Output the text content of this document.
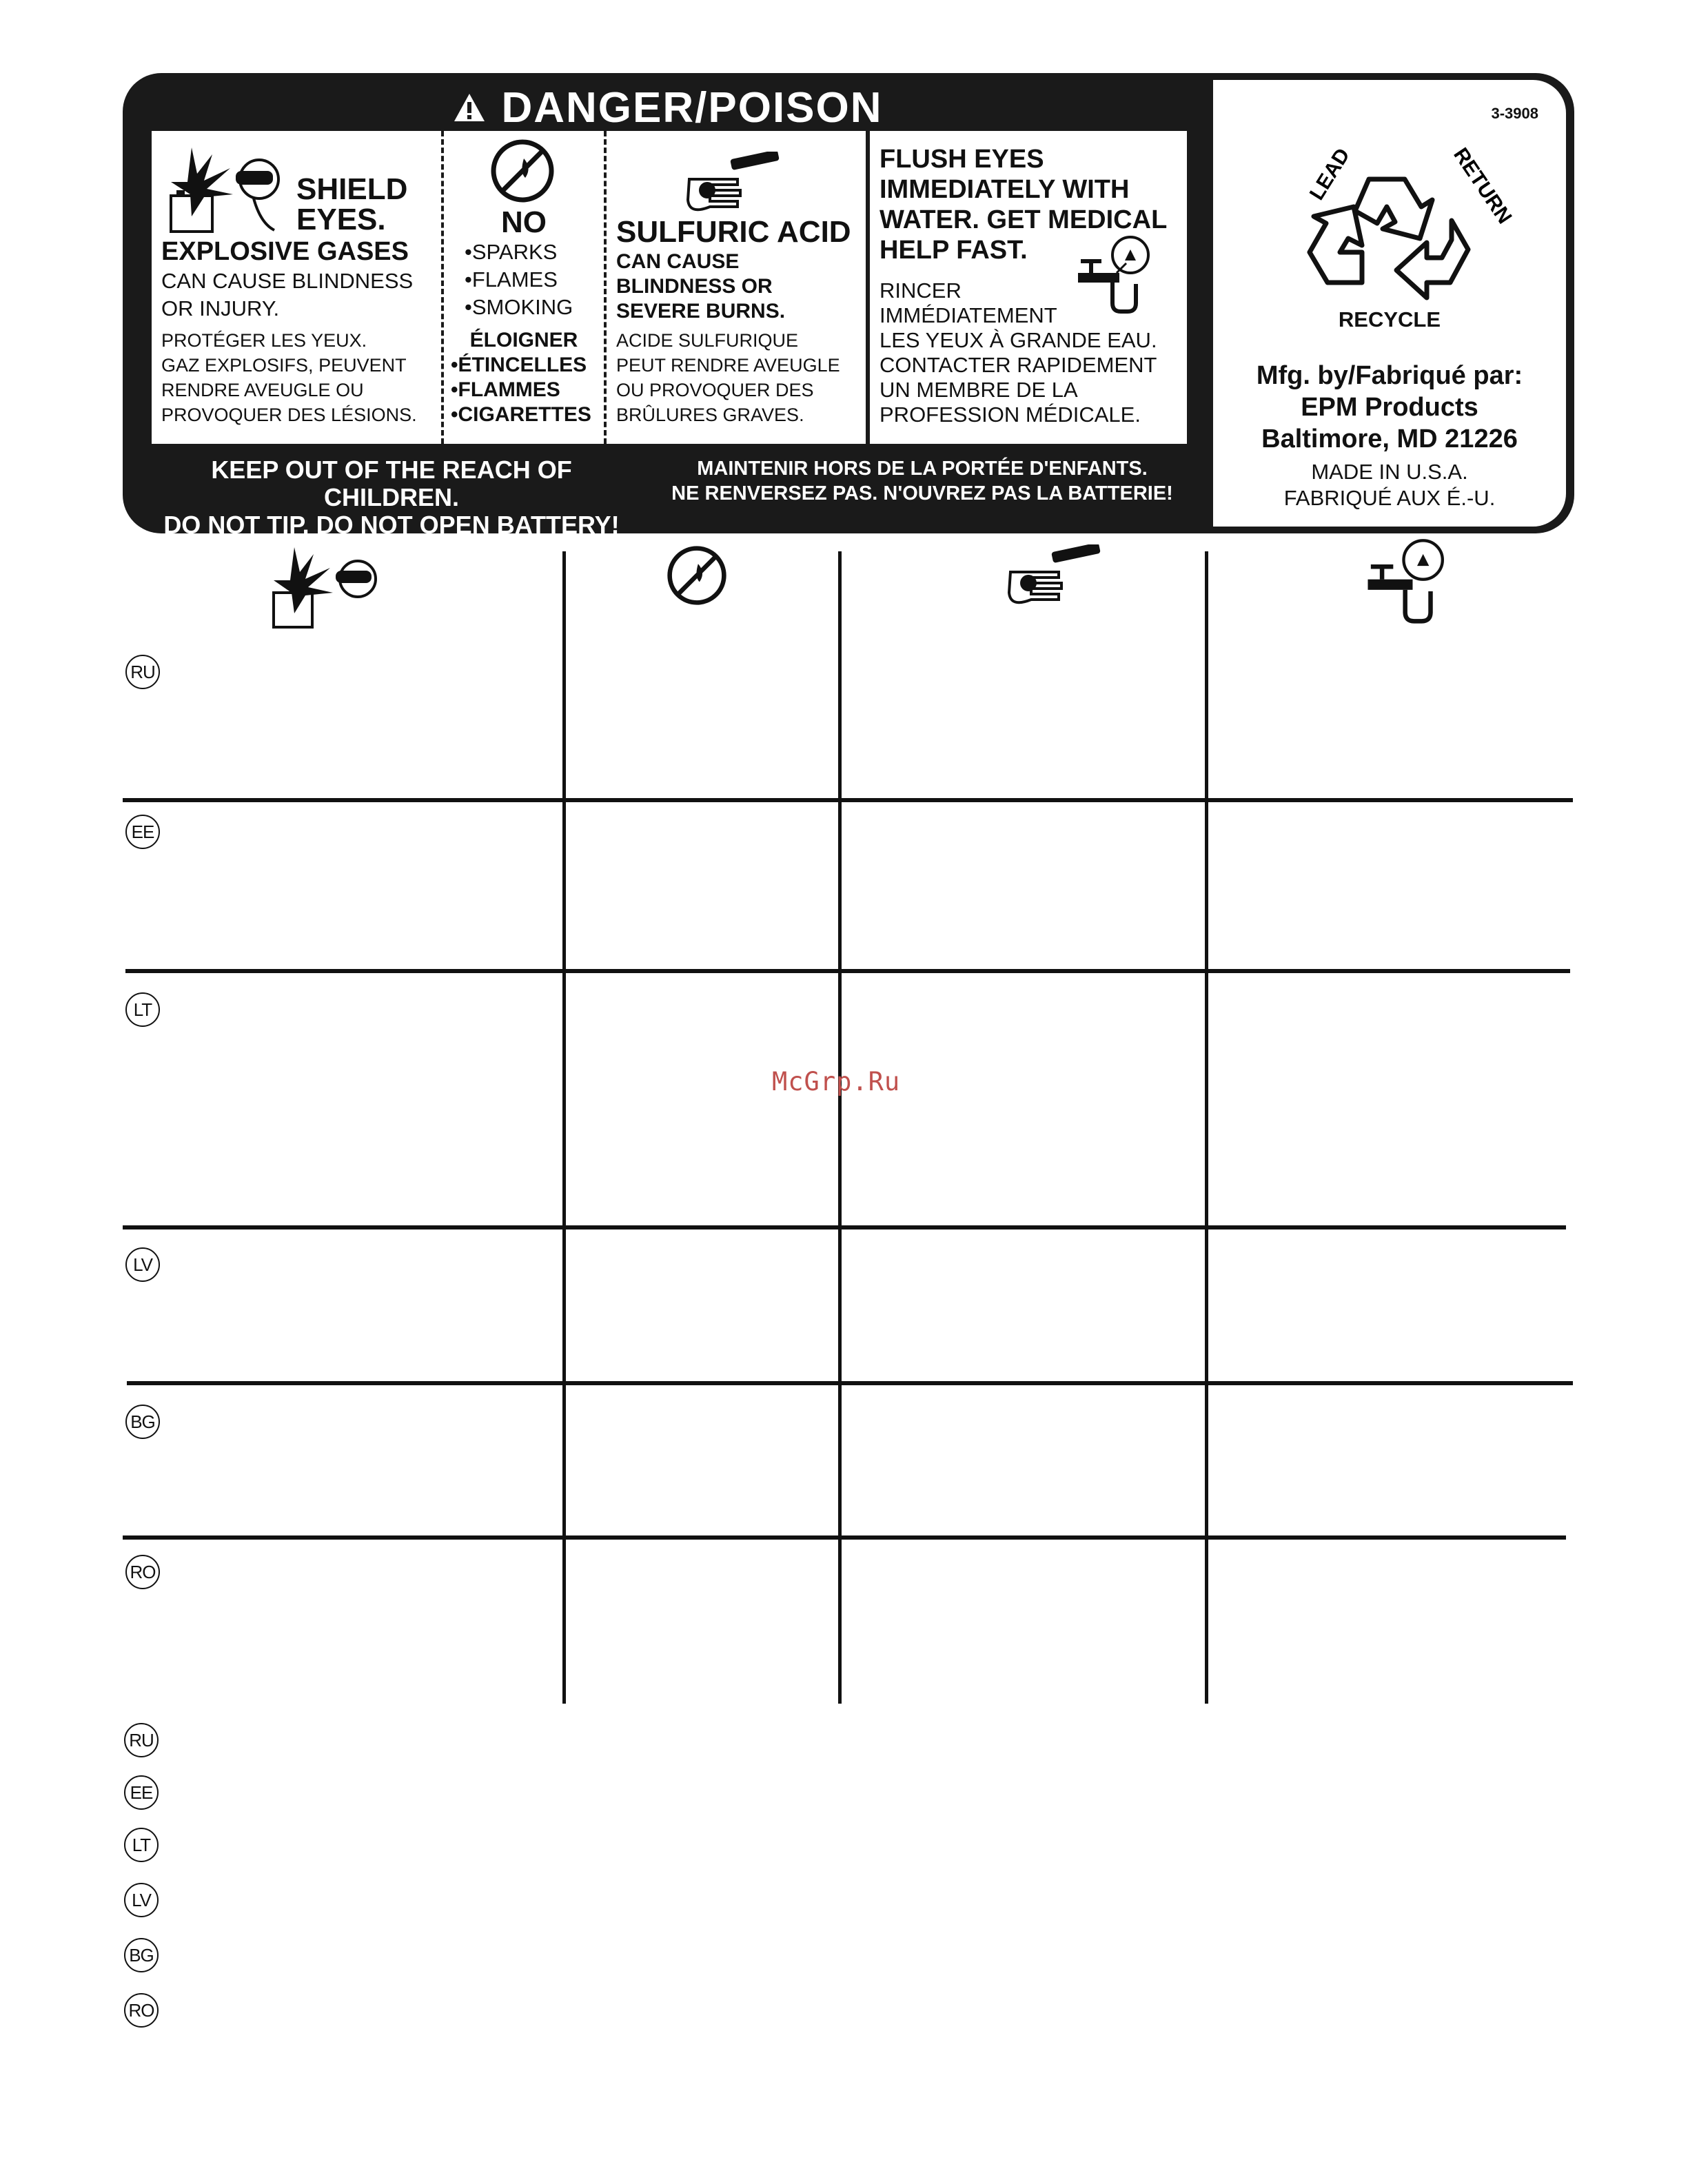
DANGER/POISON
SHIELD
EYES.
EXPLOSIVE GASES
CAN CAUSE BLINDNESS
OR INJURY.
PROTÉGER LES YEUX.
GAZ EXPLOSIFS, PEUVENT
RENDRE AVEUGLE OU
PROVOQUER DES LÉSIONS.
NO
•SPARKS
•FLAMES
•SMOKING
ÉLOIGNER
•ÉTINCELLES
•FLAMMES
•CIGARETTES
SULFURIC ACID
CAN CAUSE
BLINDNESS OR
SEVERE BURNS.
ACIDE SULFURIQUE
PEUT RENDRE AVEUGLE
OU PROVOQUER DES
BRÛLURES GRAVES.
FLUSH EYES
IMMEDIATELY WITH
WATER. GET MEDICAL
HELP FAST.
RINCER
IMMÉDIATEMENT
LES YEUX À GRANDE EAU.
CONTACTER RAPIDEMENT
UN MEMBRE DE LA
PROFESSION MÉDICALE.
KEEP OUT OF THE REACH OF CHILDREN.
DO NOT TIP. DO NOT OPEN BATTERY!
MAINTENIR HORS DE LA PORTÉE D'ENFANTS.
NE RENVERSEZ PAS. N'OUVREZ PAS LA BATTERIE!
3-3908
LEAD	RETURN
RECYCLE
Mfg. by/Fabriqué par:
EPM Products
Baltimore, MD 21226
MADE IN U.S.A.
FABRIQUÉ AUX É.-U.
RU
EE
LT
LV
BG
RO
RU
EE
LT
LV
BG
RO
McGrp.Ru
